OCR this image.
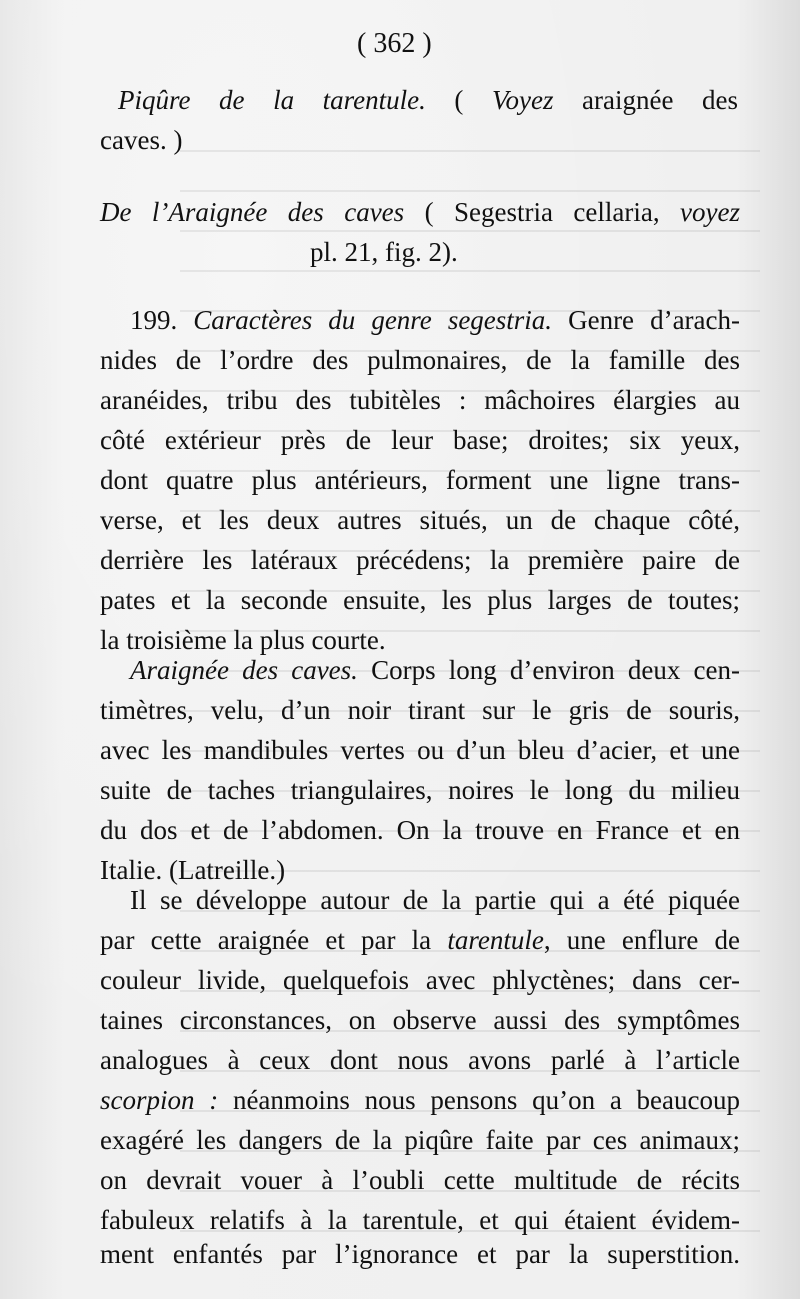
( 362 )
Piqûre de la tarentule. ( Voyez araignée des
caves. )
De l’Araignée des caves ( Segestria cellaria, voyez
pl. 21, fig. 2).
199. Caractères du genre segestria. Genre d’arach-
nides de l’ordre des pulmonaires, de la famille des
aranéides, tribu des tubitèles : mâchoires élargies au
côté extérieur près de leur base; droites; six yeux,
dont quatre plus antérieurs, forment une ligne trans-
verse, et les deux autres situés, un de chaque côté,
derrière les latéraux précédens; la première paire de
pates et la seconde ensuite, les plus larges de toutes;
la troisième la plus courte.
Araignée des caves. Corps long d’environ deux cen-
timètres, velu, d’un noir tirant sur le gris de souris,
avec les mandibules vertes ou d’un bleu d’acier, et une
suite de taches triangulaires, noires le long du milieu
du dos et de l’abdomen. On la trouve en France et en
Italie. (Latreille.)
Il se développe autour de la partie qui a été piquée
par cette araignée et par la tarentule, une enflure de
couleur livide, quelquefois avec phlyctènes; dans cer-
taines circonstances, on observe aussi des symptômes
analogues à ceux dont nous avons parlé à l’article
scorpion : néanmoins nous pensons qu’on a beaucoup
exagéré les dangers de la piqûre faite par ces animaux;
on devrait vouer à l’oubli cette multitude de récits
fabuleux relatifs à la tarentule, et qui étaient évidem-
ment enfantés par l’ignorance et par la superstition.
